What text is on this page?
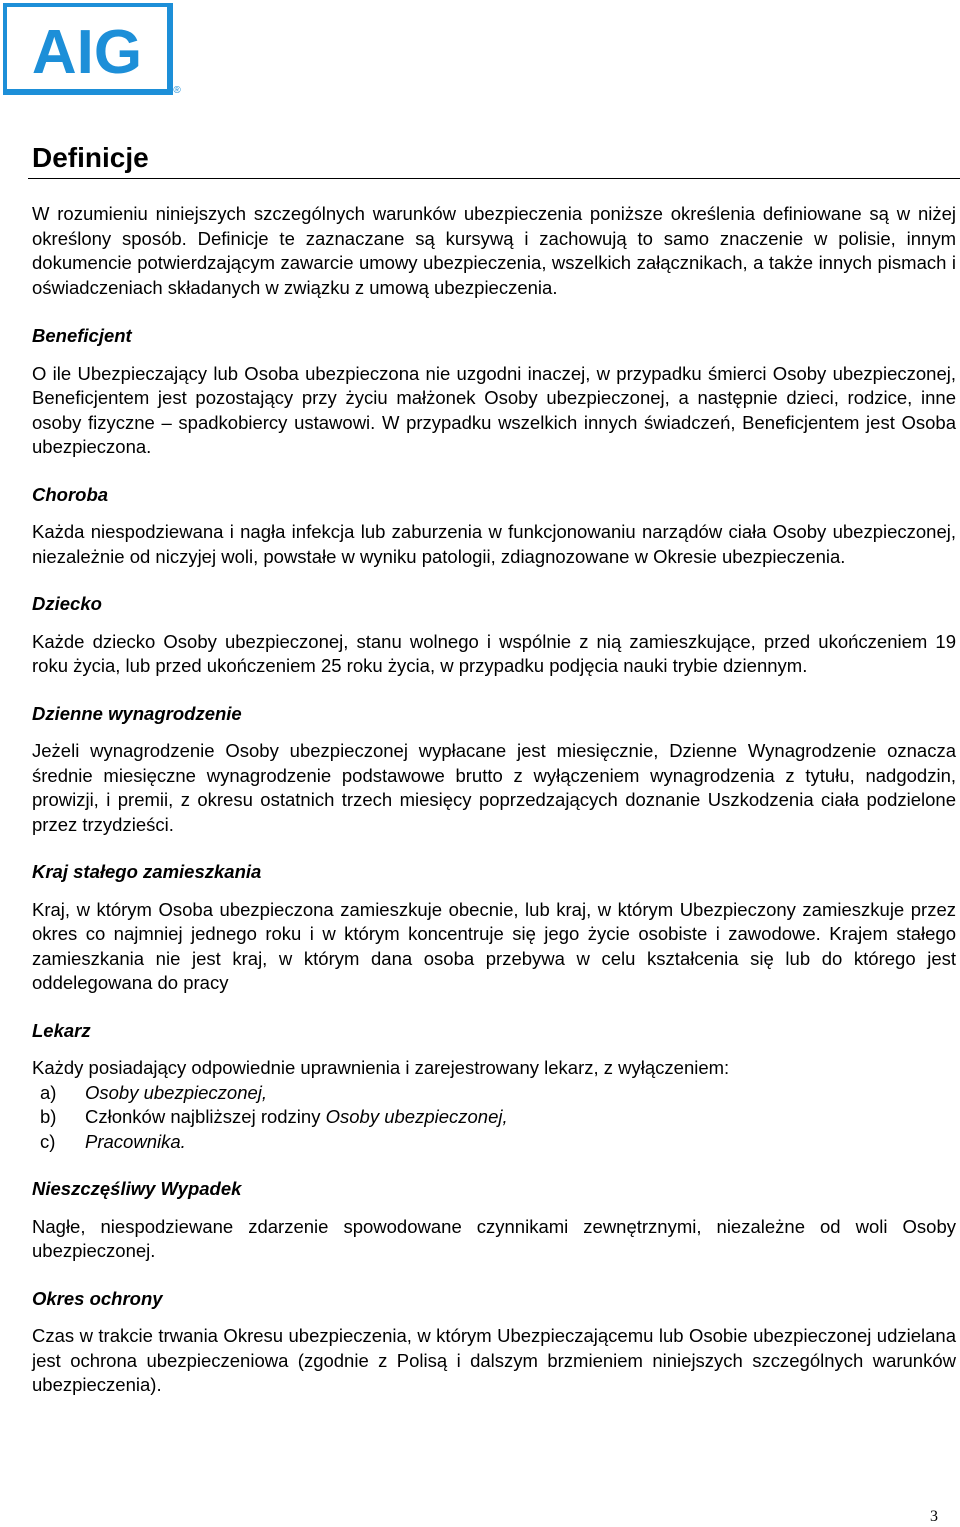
AIG
®
Definicje

W rozumieniu niniejszych szczególnych warunków ubezpieczenia poniższe określenia definiowane są w niżej określony sposób. Definicje te zaznaczane są kursywą i zachowują to samo znaczenie w polisie, innym dokumencie potwierdzającym zawarcie umowy ubezpieczenia, wszelkich załącznikach, a także innych pismach i oświadczeniach składanych w związku z umową ubezpieczenia.

Beneficjent

O ile Ubezpieczający lub Osoba ubezpieczona nie uzgodni inaczej, w przypadku śmierci Osoby ubezpieczonej, Beneficjentem jest pozostający przy życiu małżonek Osoby ubezpieczonej, a następnie dzieci, rodzice, inne osoby fizyczne – spadkobiercy ustawowi. W przypadku wszelkich innych świadczeń, Beneficjentem jest Osoba ubezpieczona.

Choroba

Każda niespodziewana i nagła infekcja lub zaburzenia w funkcjonowaniu narządów ciała Osoby ubezpieczonej, niezależnie od niczyjej woli, powstałe w wyniku patologii, zdiagnozowane w Okresie ubezpieczenia.

Dziecko

Każde dziecko Osoby ubezpieczonej, stanu wolnego i wspólnie z nią zamieszkujące, przed ukończeniem 19 roku życia, lub przed ukończeniem 25 roku życia, w przypadku podjęcia nauki trybie dziennym.

Dzienne wynagrodzenie

Jeżeli wynagrodzenie Osoby ubezpieczonej wypłacane jest miesięcznie, Dzienne Wynagrodzenie oznacza średnie miesięczne wynagrodzenie podstawowe brutto z wyłączeniem wynagrodzenia z tytułu, nadgodzin, prowizji, i premii, z okresu ostatnich trzech miesięcy poprzedzających doznanie Uszkodzenia ciała podzielone przez trzydzieści.

Kraj stałego zamieszkania

Kraj, w którym Osoba ubezpieczona zamieszkuje obecnie, lub kraj, w którym Ubezpieczony zamieszkuje przez okres co najmniej jednego roku i w którym koncentruje się jego życie osobiste i zawodowe. Krajem stałego zamieszkania nie jest kraj, w którym dana osoba przebywa w celu kształcenia się lub do którego jest oddelegowana do pracy

Lekarz

Każdy posiadający odpowiednie uprawnienia i zarejestrowany lekarz, z wyłączeniem:

a)	Osoby ubezpieczonej,
b)	Członków najbliższej rodziny Osoby ubezpieczonej,
c)	Pracownika.

Nieszczęśliwy Wypadek

Nagłe, niespodziewane zdarzenie spowodowane czynnikami zewnętrznymi, niezależne od woli Osoby ubezpieczonej.

Okres ochrony

Czas w trakcie trwania Okresu ubezpieczenia, w którym Ubezpieczającemu lub Osobie ubezpieczonej udzielana jest ochrona ubezpieczeniowa (zgodnie z Polisą i dalszym brzmieniem niniejszych szczególnych warunków ubezpieczenia).

3
